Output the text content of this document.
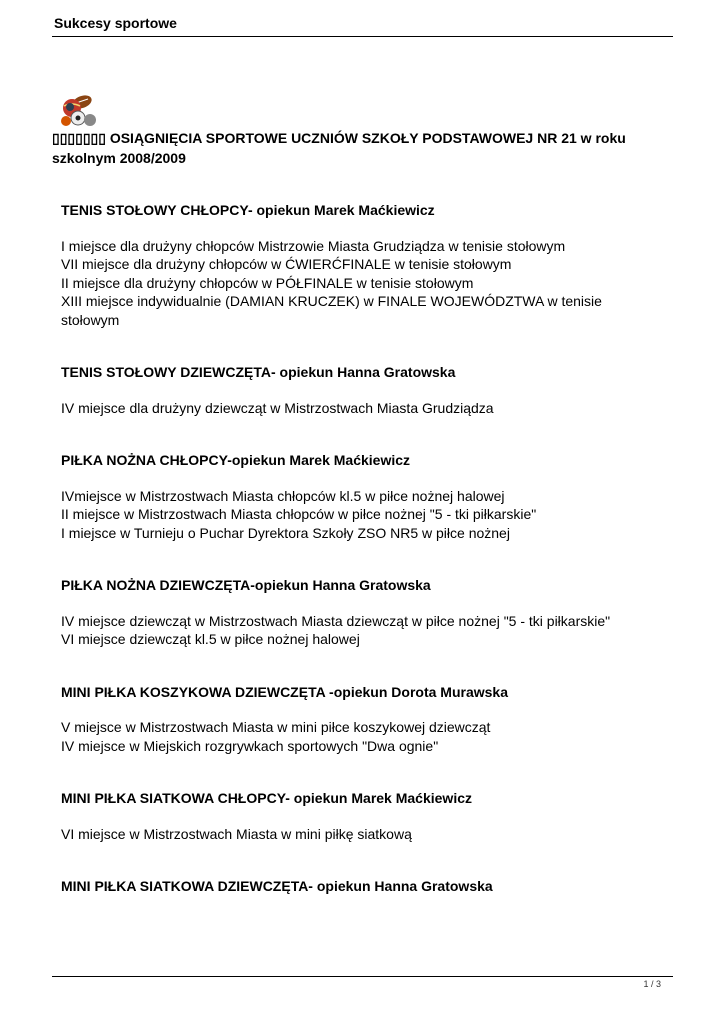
Sukcesy sportowe
▯▯▯▯▯▯▯ OSIĄGNIĘCIA SPORTOWE UCZNIÓW SZKOŁY PODSTAWOWEJ NR 21 w roku szkolnym 2008/2009
TENIS STOŁOWY CHŁOPCY- opiekun Marek Maćkiewicz
I miejsce dla drużyny chłopców Mistrzowie Miasta Grudziądza w tenisie stołowym
VII miejsce dla drużyny chłopców w ĆWIERĆFINALE w tenisie stołowym
II miejsce dla drużyny chłopców w PÓŁFINALE w tenisie stołowym
XIII miejsce indywidualnie (DAMIAN KRUCZEK) w FINALE WOJEWÓDZTWA w tenisie stołowym
TENIS STOŁOWY DZIEWCZĘTA- opiekun Hanna Gratowska
IV miejsce dla drużyny dziewcząt w Mistrzostwach Miasta Grudziądza
PIŁKA NOŻNA CHŁOPCY-opiekun Marek Maćkiewicz
IVmiejsce w Mistrzostwach Miasta chłopców kl.5 w piłce nożnej halowej
II miejsce w Mistrzostwach Miasta chłopców w piłce nożnej "5 - tki piłkarskie"
I miejsce w Turnieju o Puchar Dyrektora Szkoły ZSO NR5 w piłce nożnej
PIŁKA NOŻNA DZIEWCZĘTA-opiekun Hanna Gratowska
IV miejsce dziewcząt w Mistrzostwach Miasta dziewcząt w piłce nożnej "5 - tki piłkarskie"
VI miejsce dziewcząt kl.5 w piłce nożnej halowej
MINI PIŁKA KOSZYKOWA DZIEWCZĘTA -opiekun Dorota Murawska
V miejsce w Mistrzostwach Miasta w mini piłce koszykowej dziewcząt
IV miejsce w Miejskich rozgrywkach sportowych "Dwa ognie"
MINI PIŁKA SIATKOWA CHŁOPCY- opiekun Marek Maćkiewicz
VI miejsce w Mistrzostwach Miasta w mini piłkę siatkową
MINI PIŁKA SIATKOWA DZIEWCZĘTA- opiekun Hanna Gratowska
1 / 3
